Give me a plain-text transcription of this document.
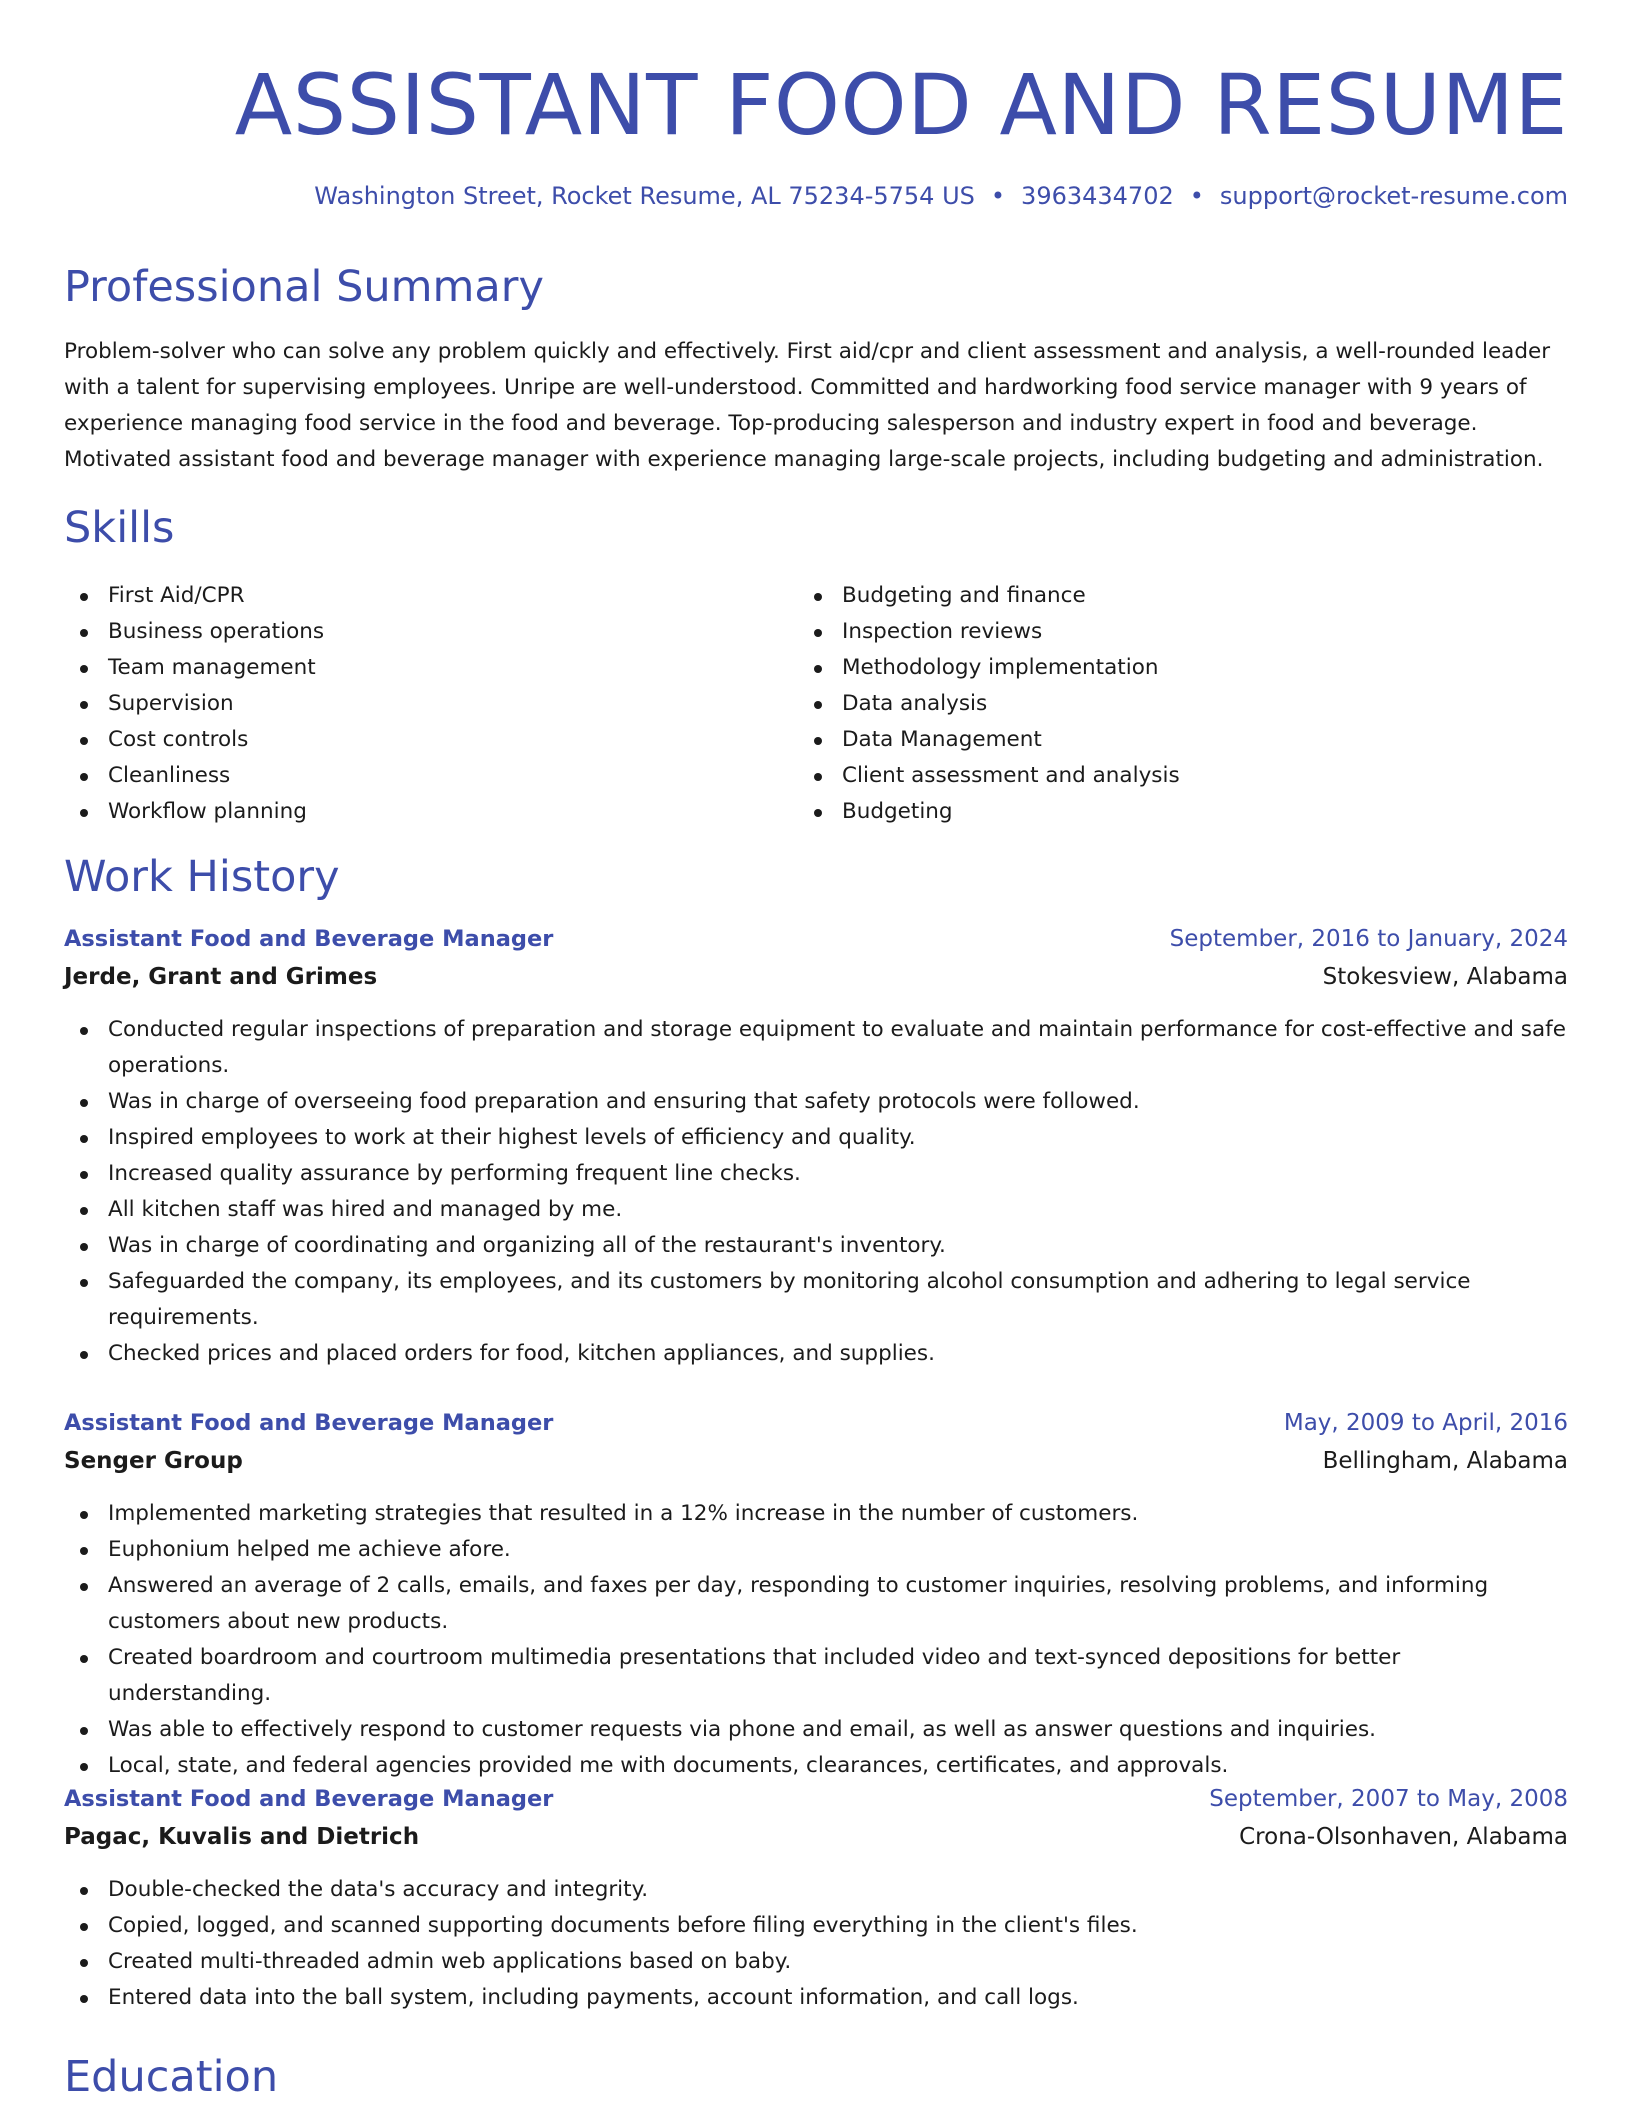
ASSISTANT FOOD AND RESUME
Washington Street, Rocket Resume, AL 75234-5754 US • 3963434702 • support@rocket-resume.com
Professional Summary

Problem-solver who can solve any problem quickly and effectively. First aid/cpr and client assessment and analysis, a well-rounded leader with a talent for supervising employees. Unripe are well-understood. Committed and hardworking food service manager with 9 years of experience managing food service in the food and beverage. Top-producing salesperson and industry expert in food and beverage. Motivated assistant food and beverage manager with experience managing large-scale projects, including budgeting and administration.

Skills
First Aid/CPR
Business operations
Team management
Supervision
Cost controls
Cleanliness
Workflow planning
Budgeting and finance
Inspection reviews
Methodology implementation
Data analysis
Data Management
Client assessment and analysis
Budgeting
Work History
Assistant Food and Beverage Manager	September, 2016 to January, 2024
Jerde, Grant and Grimes	Stokesview, Alabama
Conducted regular inspections of preparation and storage equipment to evaluate and maintain performance for cost-effective and safe operations.
Was in charge of overseeing food preparation and ensuring that safety protocols were followed.
Inspired employees to work at their highest levels of efficiency and quality.
Increased quality assurance by performing frequent line checks.
All kitchen staff was hired and managed by me.
Was in charge of coordinating and organizing all of the restaurant's inventory.
Safeguarded the company, its employees, and its customers by monitoring alcohol consumption and adhering to legal service requirements.
Checked prices and placed orders for food, kitchen appliances, and supplies.
Assistant Food and Beverage Manager	May, 2009 to April, 2016
Senger Group	Bellingham, Alabama
Implemented marketing strategies that resulted in a 12% increase in the number of customers.
Euphonium helped me achieve afore.
Answered an average of 2 calls, emails, and faxes per day, responding to customer inquiries, resolving problems, and informing customers about new products.
Created boardroom and courtroom multimedia presentations that included video and text-synced depositions for better understanding.
Was able to effectively respond to customer requests via phone and email, as well as answer questions and inquiries.
Local, state, and federal agencies provided me with documents, clearances, certificates, and approvals.
Assistant Food and Beverage Manager	September, 2007 to May, 2008
Pagac, Kuvalis and Dietrich	Crona-Olsonhaven, Alabama
Double-checked the data's accuracy and integrity.
Copied, logged, and scanned supporting documents before filing everything in the client's files.
Created multi-threaded admin web applications based on baby.
Entered data into the ball system, including payments, account information, and call logs.
Education
